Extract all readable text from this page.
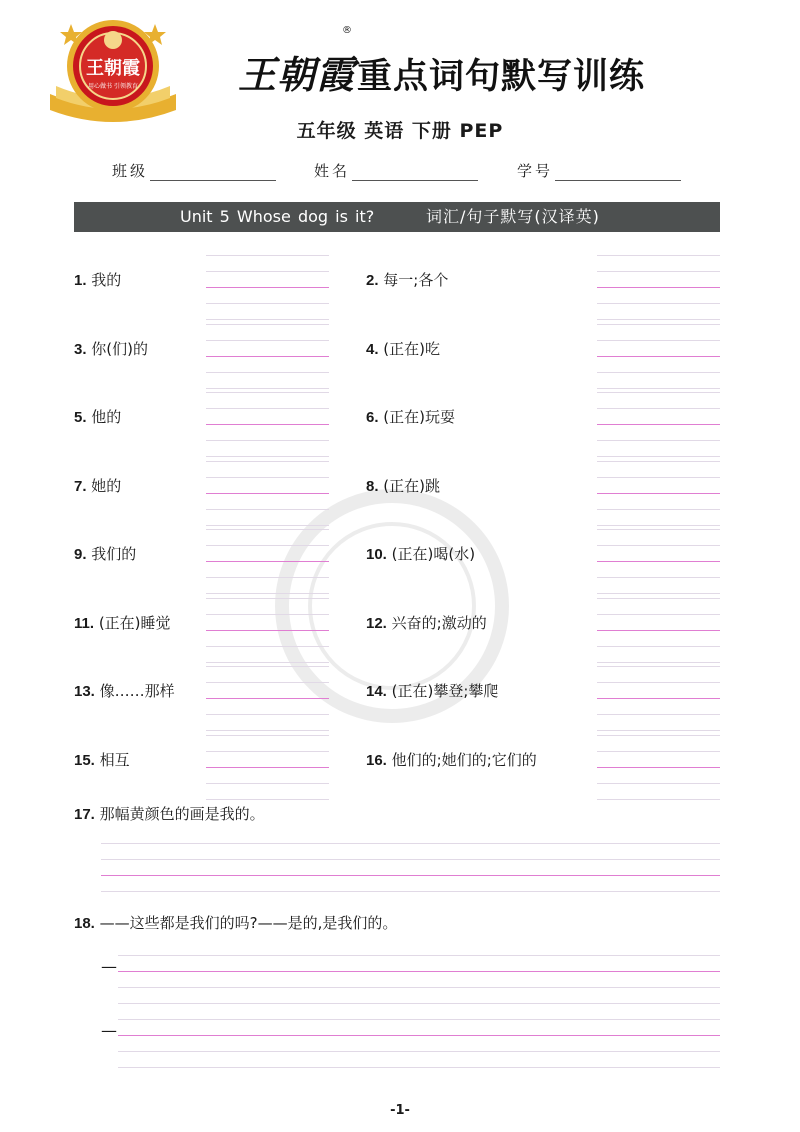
王朝霞
用心做书 引领教育	王朝霞重点词句默写训练
®
五年级 英语 下册 PEP
班级	姓名	学号
Unit 5 Whose dog is it?	词汇/句子默写(汉译英)
1. 我的	2. 每一;各个
3. 你(们)的	4. (正在)吃
5. 他的	6. (正在)玩耍
7. 她的	8. (正在)跳
9. 我们的	10. (正在)喝(水)
11. (正在)睡觉	12. 兴奋的;激动的
13. 像……那样	14. (正在)攀登;攀爬
15. 相互	16. 他们的;她们的;它们的
17. 那幅黄颜色的画是我的。
18. ——这些都是我们的吗?——是的,是我们的。
—
—
-1-
